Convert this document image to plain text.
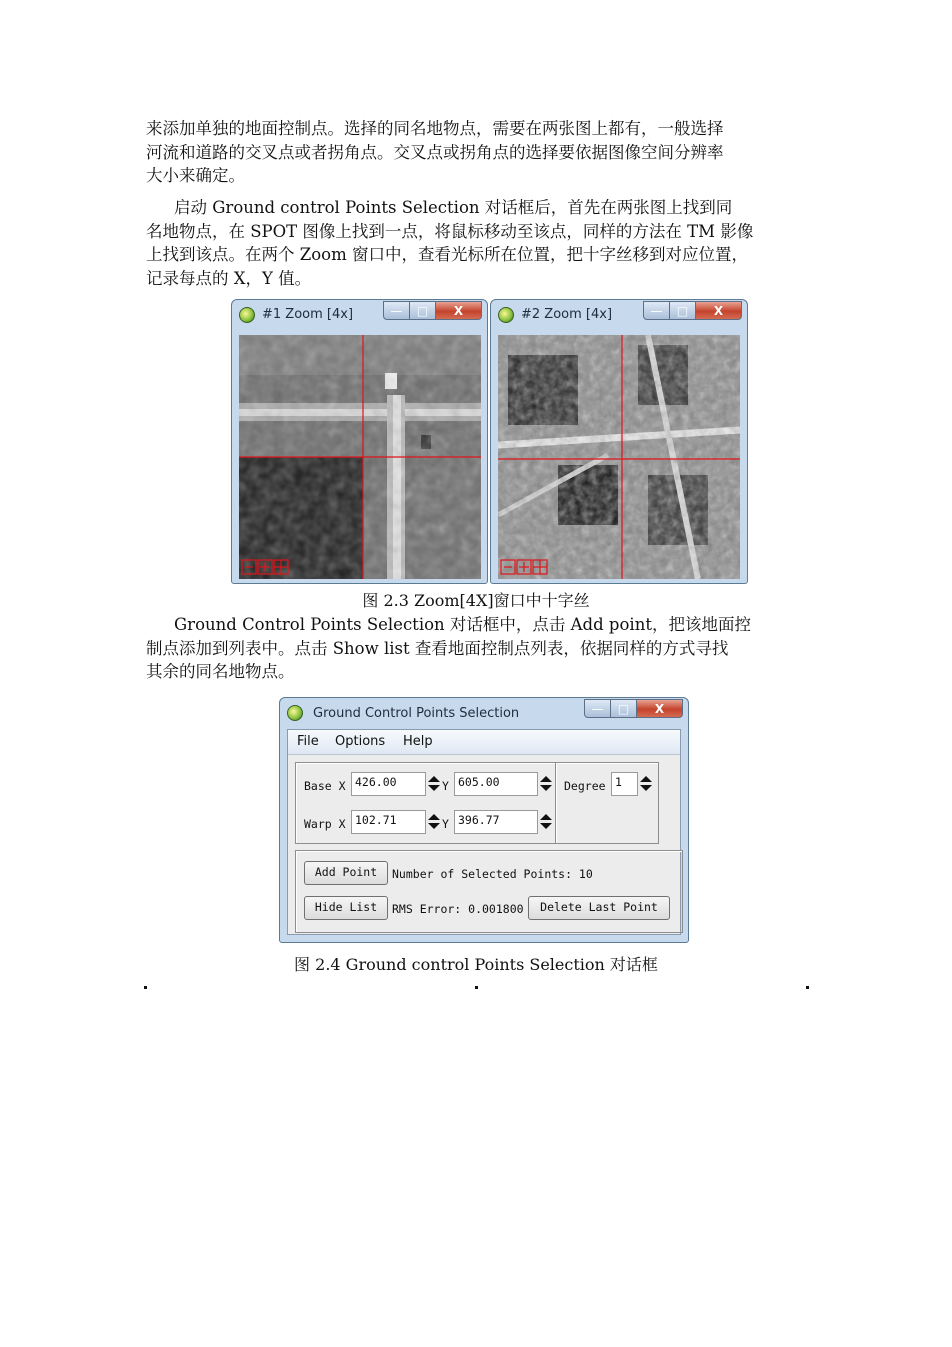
来添加单独的地面控制点。选择的同名地物点，需要在两张图上都有，一般选择
河流和道路的交叉点或者拐角点。交叉点或拐角点的选择要依据图像空间分辨率
大小来确定。
启动 Ground control Points Selection 对话框后，首先在两张图上找到同
名地物点，在 SPOT 图像上找到一点，将鼠标移动至该点，同样的方法在 TM 影像
上找到该点。在两个 Zoom 窗口中，查看光标所在位置，把十字丝移到对应位置，
记录每点的 X，Y 值。
#1 Zoom [4x]	—	□	X	#2 Zoom [4x]	—	□	X
图 2.3 Zoom[4X]窗口中十字丝
Ground Control Points Selection 对话框中，点击 Add point，把该地面控
制点添加到列表中。点击 Show list 查看地面控制点列表，依据同样的方式寻找
其余的同名地物点。
Ground Control Points Selection	—	□	X
File Options Help
Base X 426.00	Y 605.00
Warp X 102.71	Y 396.77
Degree 1
Add Point	Number of Selected Points: 10
Hide List	RMS Error: 0.001800	Delete Last Point
图 2.4 Ground control Points Selection 对话框
